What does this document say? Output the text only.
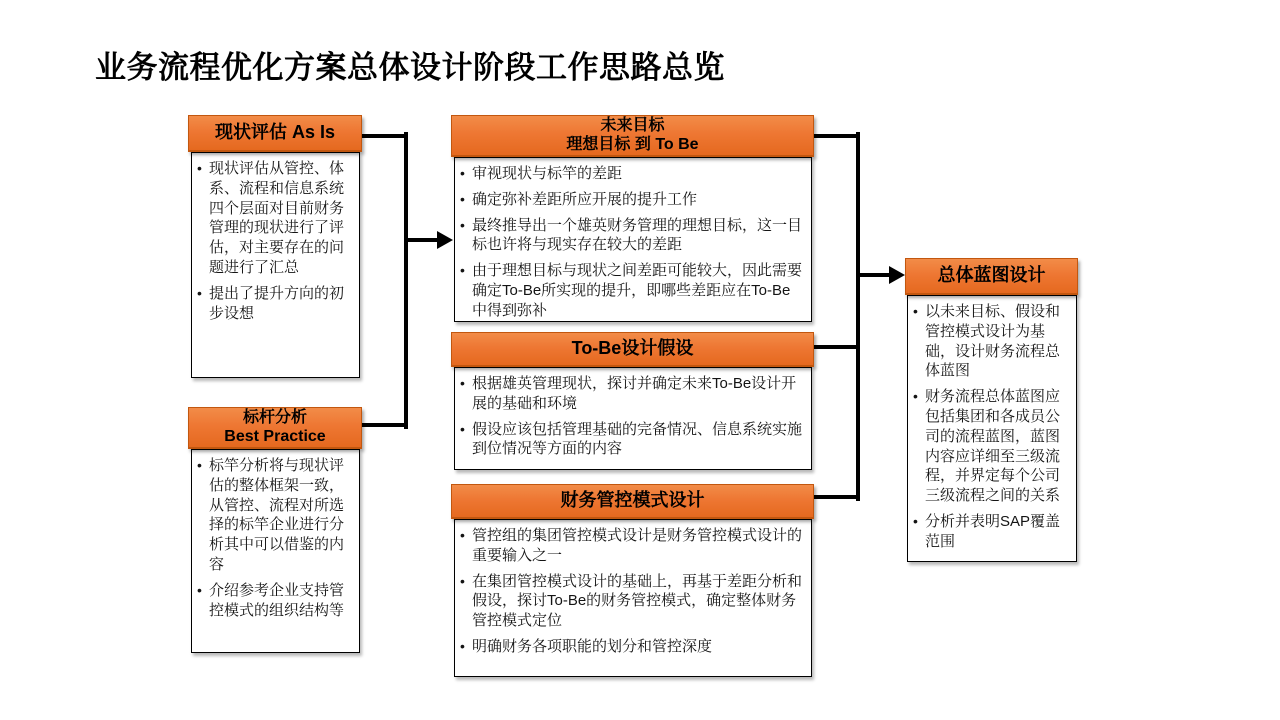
业务流程优化方案总体设计阶段工作思路总览
现状评估 As Is
• 现状评估从管控、体系、流程和信息系统四个层面对目前财务管理的现状进行了评估，对主要存在的问题进行了汇总
• 提出了提升方向的初步设想
标杆分析
Best Practice
• 标竿分析将与现状评估的整体框架一致，从管控、流程对所选择的标竿企业进行分析其中可以借鉴的内容
• 介绍参考企业支持管控模式的组织结构等
未来目标
理想目标 到 To Be
• 审视现状与标竿的差距
• 确定弥补差距所应开展的提升工作
• 最终推导出一个雄英财务管理的理想目标，这一目标也许将与现实存在较大的差距
• 由于理想目标与现状之间差距可能较大，因此需要确定To-Be所实现的提升，即哪些差距应在To-Be 中得到弥补
To-Be设计假设
• 根据雄英管理现状，探讨并确定未来To-Be设计开展的基础和环境
• 假设应该包括管理基础的完备情况、信息系统实施到位情况等方面的内容
财务管控模式设计
• 管控组的集团管控模式设计是财务管控模式设计的重要输入之一
• 在集团管控模式设计的基础上，再基于差距分析和假设，探讨To-Be的财务管控模式，确定整体财务管控模式定位
• 明确财务各项职能的划分和管控深度
总体蓝图设计
• 以未来目标、假设和管控模式设计为基础，设计财务流程总体蓝图
• 财务流程总体蓝图应包括集团和各成员公司的流程蓝图，蓝图内容应详细至三级流程，并界定每个公司三级流程之间的关系
• 分析并表明SAP覆盖范围
